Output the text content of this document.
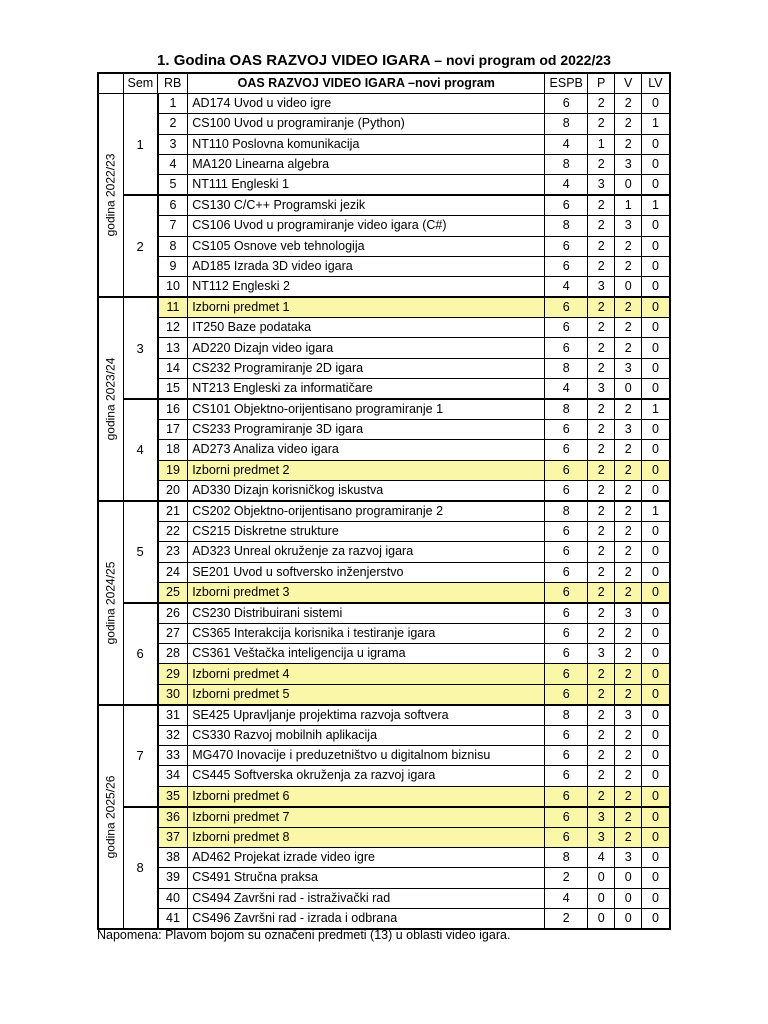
1. Godina OAS RAZVOJ VIDEO IGARA – novi program od 2022/23
	Sem	RB	OAS RAZVOJ VIDEO IGARA –novi program	ESPB	P	V	LV

godina 2022/23	1	1	AD174 Uvod u video igre	6	2	2	0
		2	CS100 Uvod u programiranje (Python)	8	2	2	1
		3	NT110 Poslovna komunikacija	4	1	2	0
		4	MA120 Linearna algebra	8	2	3	0
		5	NT111 Engleski 1	4	3	0	0
	2	6	CS130 C/C++ Programski jezik	6	2	1	1
		7	CS106 Uvod u programiranje video igara (C#)	8	2	3	0
		8	CS105 Osnove veb tehnologija	6	2	2	0
		9	AD185 Izrada 3D video igara	6	2	2	0
		10	NT112 Engleski 2	4	3	0	0

godina 2023/24	3	11	Izborni predmet 1	6	2	2	0
		12	IT250 Baze podataka	6	2	2	0
		13	AD220 Dizajn video igara	6	2	2	0
		14	CS232 Programiranje 2D igara	8	2	3	0
		15	NT213 Engleski za informatičare	4	3	0	0
	4	16	CS101 Objektno-orijentisano programiranje 1	8	2	2	1
		17	CS233 Programiranje 3D igara	6	2	3	0
		18	AD273 Analiza video igara	6	2	2	0
		19	Izborni predmet 2	6	2	2	0
		20	AD330 Dizajn korisničkog iskustva	6	2	2	0

godina 2024/25	5	21	CS202 Objektno-orijentisano programiranje 2	8	2	2	1
		22	CS215 Diskretne strukture	6	2	2	0
		23	AD323 Unreal okruženje za razvoj igara	6	2	2	0
		24	SE201 Uvod u softversko inženjerstvo	6	2	2	0
		25	Izborni predmet 3	6	2	2	0
	6	26	CS230 Distribuirani sistemi	6	2	3	0
		27	CS365 Interakcija korisnika i testiranje igara	6	2	2	0
		28	CS361 Veštačka inteligencija u igrama	6	3	2	0
		29	Izborni predmet 4	6	2	2	0
		30	Izborni predmet 5	6	2	2	0

godina 2025/26	7	31	SE425 Upravljanje projektima razvoja softvera	8	2	3	0
		32	CS330 Razvoj mobilnih aplikacija	6	2	2	0
		33	MG470 Inovacije i preduzetništvo u digitalnom biznisu	6	2	2	0
		34	CS445 Softverska okruženja za razvoj igara	6	2	2	0
		35	Izborni predmet 6	6	2	2	0
	8	36	Izborni predmet 7	6	3	2	0
		37	Izborni predmet 8	6	3	2	0
		38	AD462 Projekat izrade video igre	8	4	3	0
		39	CS491 Stručna praksa	2	0	0	0
		40	CS494 Završni rad - istraživački rad	4	0	0	0
		41	CS496 Završni rad - izrada i odbrana	2	0	0	0
Napomena: Plavom bojom su označeni predmeti (13) u oblasti video igara.
